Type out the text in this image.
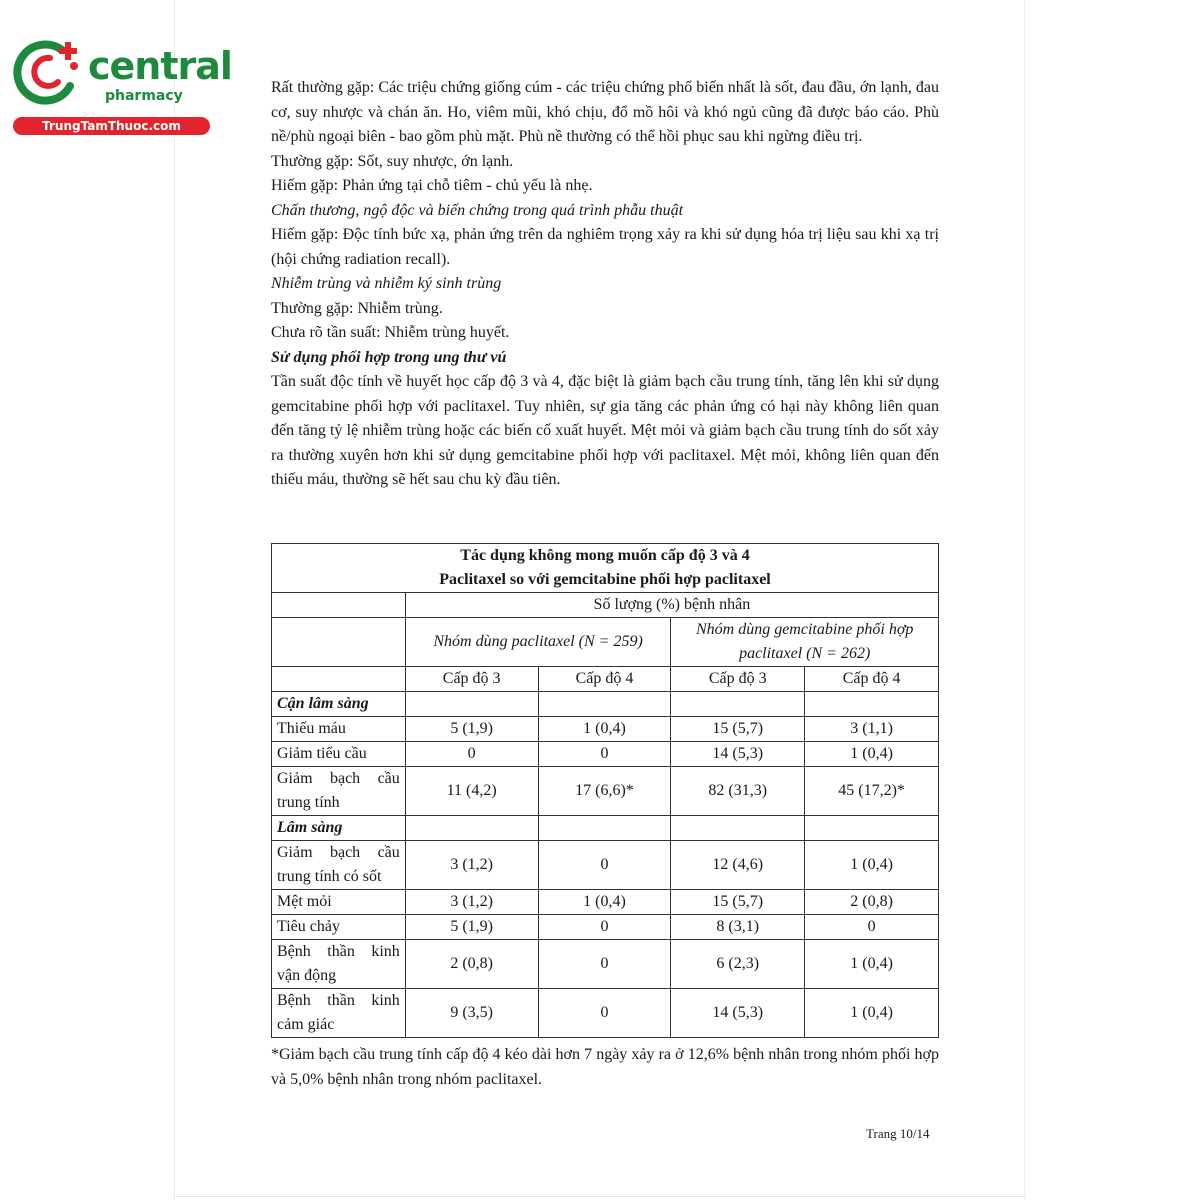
central
pharmacy
TrungTamThuoc.com

Rất thường gặp: Các triệu chứng giống cúm - các triệu chứng phổ biến nhất là sốt, đau đầu, ớn lạnh, đau cơ, suy nhược và chán ăn. Ho, viêm mũi, khó chịu, đổ mồ hôi và khó ngủ cũng đã được báo cáo. Phù nề/phù ngoại biên - bao gồm phù mặt. Phù nề thường có thể hồi phục sau khi ngừng điều trị.

Thường gặp: Sốt, suy nhược, ớn lạnh.

Hiếm gặp: Phản ứng tại chỗ tiêm - chủ yếu là nhẹ.

Chấn thương, ngộ độc và biến chứng trong quá trình phẫu thuật

Hiếm gặp: Độc tính bức xạ, phản ứng trên da nghiêm trọng xảy ra khi sử dụng hóa trị liệu sau khi xạ trị (hội chứng radiation recall).

Nhiễm trùng và nhiễm ký sinh trùng

Thường gặp: Nhiễm trùng.

Chưa rõ tần suất: Nhiễm trùng huyết.

Sử dụng phối hợp trong ung thư vú

Tần suất độc tính về huyết học cấp độ 3 và 4, đặc biệt là giảm bạch cầu trung tính, tăng lên khi sử dụng gemcitabine phối hợp với paclitaxel. Tuy nhiên, sự gia tăng các phản ứng có hại này không liên quan đến tăng tỷ lệ nhiễm trùng hoặc các biến cố xuất huyết. Mệt mỏi và giảm bạch cầu trung tính do sốt xảy ra thường xuyên hơn khi sử dụng gemcitabine phối hợp với paclitaxel. Mệt mỏi, không liên quan đến thiếu máu, thường sẽ hết sau chu kỳ đầu tiên.

Tác dụng không mong muốn cấp độ 3 và 4
Paclitaxel so với gemcitabine phối hợp paclitaxel				

	Số lượng (%) bệnh nhân			
	Nhóm dùng paclitaxel (N = 259)		Nhóm dùng gemcitabine phối hợp paclitaxel (N = 262)	
	Cấp độ 3	Cấp độ 4	Cấp độ 3	Cấp độ 4
Cận lâm sàng				
Thiếu máu	5 (1,9)	1 (0,4)	15 (5,7)	3 (1,1)
Giảm tiểu cầu	0	0	14 (5,3)	1 (0,4)
Giảm bạch cầu trung tính	11 (4,2)	17 (6,6)*	82 (31,3)	45 (17,2)*
Lâm sàng				
Giảm bạch cầu trung tính có sốt	3 (1,2)	0	12 (4,6)	1 (0,4)
Mệt mỏi	3 (1,2)	1 (0,4)	15 (5,7)	2 (0,8)
Tiêu chảy	5 (1,9)	0	8 (3,1)	0
Bệnh thần kinh vận động	2 (0,8)	0	6 (2,3)	1 (0,4)
Bệnh thần kinh cảm giác	9 (3,5)	0	14 (5,3)	1 (0,4)
*Giảm bạch cầu trung tính cấp độ 4 kéo dài hơn 7 ngày xảy ra ở 12,6% bệnh nhân trong nhóm phối hợp và 5,0% bệnh nhân trong nhóm paclitaxel.
Trang 10/14
